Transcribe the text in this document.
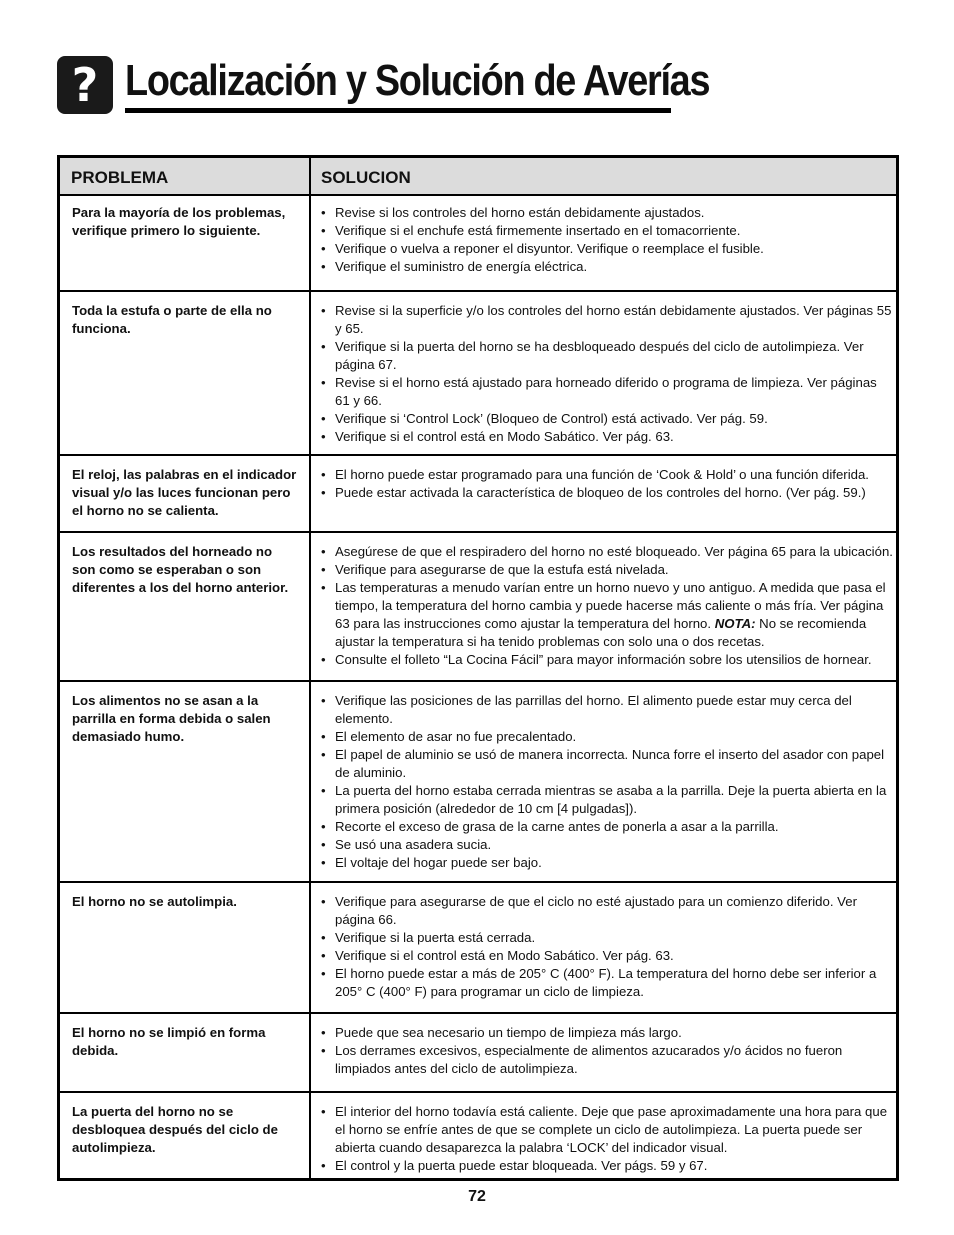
? Localización y Solución de Averías
PROBLEMA	SOLUCION
Para la mayoría de los problemas, verifique primero lo siguiente.
• Revise si los controles del horno están debidamente ajustados.
• Verifique si el enchufe está firmemente insertado en el tomacorriente.
• Verifique o vuelva a reponer el disyuntor. Verifique o reemplace el fusible.
• Verifique el suministro de energía eléctrica.
Toda la estufa o parte de ella no funciona.
• Revise si la superficie y/o los controles del horno están debidamente ajustados. Ver páginas 55 y 65.
• Verifique si la puerta del horno se ha desbloqueado después del ciclo de autolimpieza. Ver página 67.
• Revise si el horno está ajustado para horneado diferido o programa de limpieza. Ver páginas 61 y 66.
• Verifique si ‘Control Lock’ (Bloqueo de Control) está activado. Ver pág. 59.
• Verifique si el control está en Modo Sabático. Ver pág. 63.
El reloj, las palabras en el indicador visual y/o las luces funcionan pero el horno no se calienta.
• El horno puede estar programado para una función de ‘Cook & Hold’ o una función diferida.
• Puede estar activada la característica de bloqueo de los controles del horno. (Ver pág. 59.)
Los resultados del horneado no son como se esperaban o son diferentes a los del horno anterior.
• Asegúrese de que el respiradero del horno no esté bloqueado. Ver página 65 para la ubicación.
• Verifique para asegurarse de que la estufa está nivelada.
• Las temperaturas a menudo varían entre un horno nuevo y uno antiguo. A medida que pasa el tiempo, la temperatura del horno cambia y puede hacerse más caliente o más fría. Ver página 63 para las instrucciones como ajustar la temperatura del horno. NOTA: No se recomienda ajustar la temperatura si ha tenido problemas con solo una o dos recetas.
• Consulte el folleto “La Cocina Fácil” para mayor información sobre los utensilios de hornear.
Los alimentos no se asan a la parrilla en forma debida o salen demasiado humo.
• Verifique las posiciones de las parrillas del horno. El alimento puede estar muy cerca del elemento.
• El elemento de asar no fue precalentado.
• El papel de aluminio se usó de manera incorrecta. Nunca forre el inserto del asador con papel de aluminio.
• La puerta del horno estaba cerrada mientras se asaba a la parrilla. Deje la puerta abierta en la primera posición (alrededor de 10 cm [4 pulgadas]).
• Recorte el exceso de grasa de la carne antes de ponerla a asar a la parrilla.
• Se usó una asadera sucia.
• El voltaje del hogar puede ser bajo.
El horno no se autolimpia.
•	Verifique para asegurarse de que el ciclo no esté ajustado para un comienzo diferido. Ver página 66.
• Verifique si la puerta está cerrada.
• Verifique si el control está en Modo Sabático. Ver pág. 63.
• El horno puede estar a más de 205° C (400° F). La temperatura del horno debe ser inferior a 205° C (400° F) para programar un ciclo de limpieza.
El horno no se limpió en forma debida.
• Puede que sea necesario un tiempo de limpieza más largo.
• Los derrames excesivos, especialmente de alimentos azucarados y/o ácidos no fueron limpiados antes del ciclo de autolimpieza.
La puerta del horno no se desbloquea después del ciclo de autolimpieza.
• El interior del horno todavía está caliente. Deje que pase aproximadamente una hora para que el horno se enfríe antes de que se complete un ciclo de autolimpieza. La puerta puede ser abierta cuando desaparezca la palabra ‘LOCK’ del indicador visual.
• El control y la puerta puede estar bloqueada. Ver págs. 59 y 67.
72
